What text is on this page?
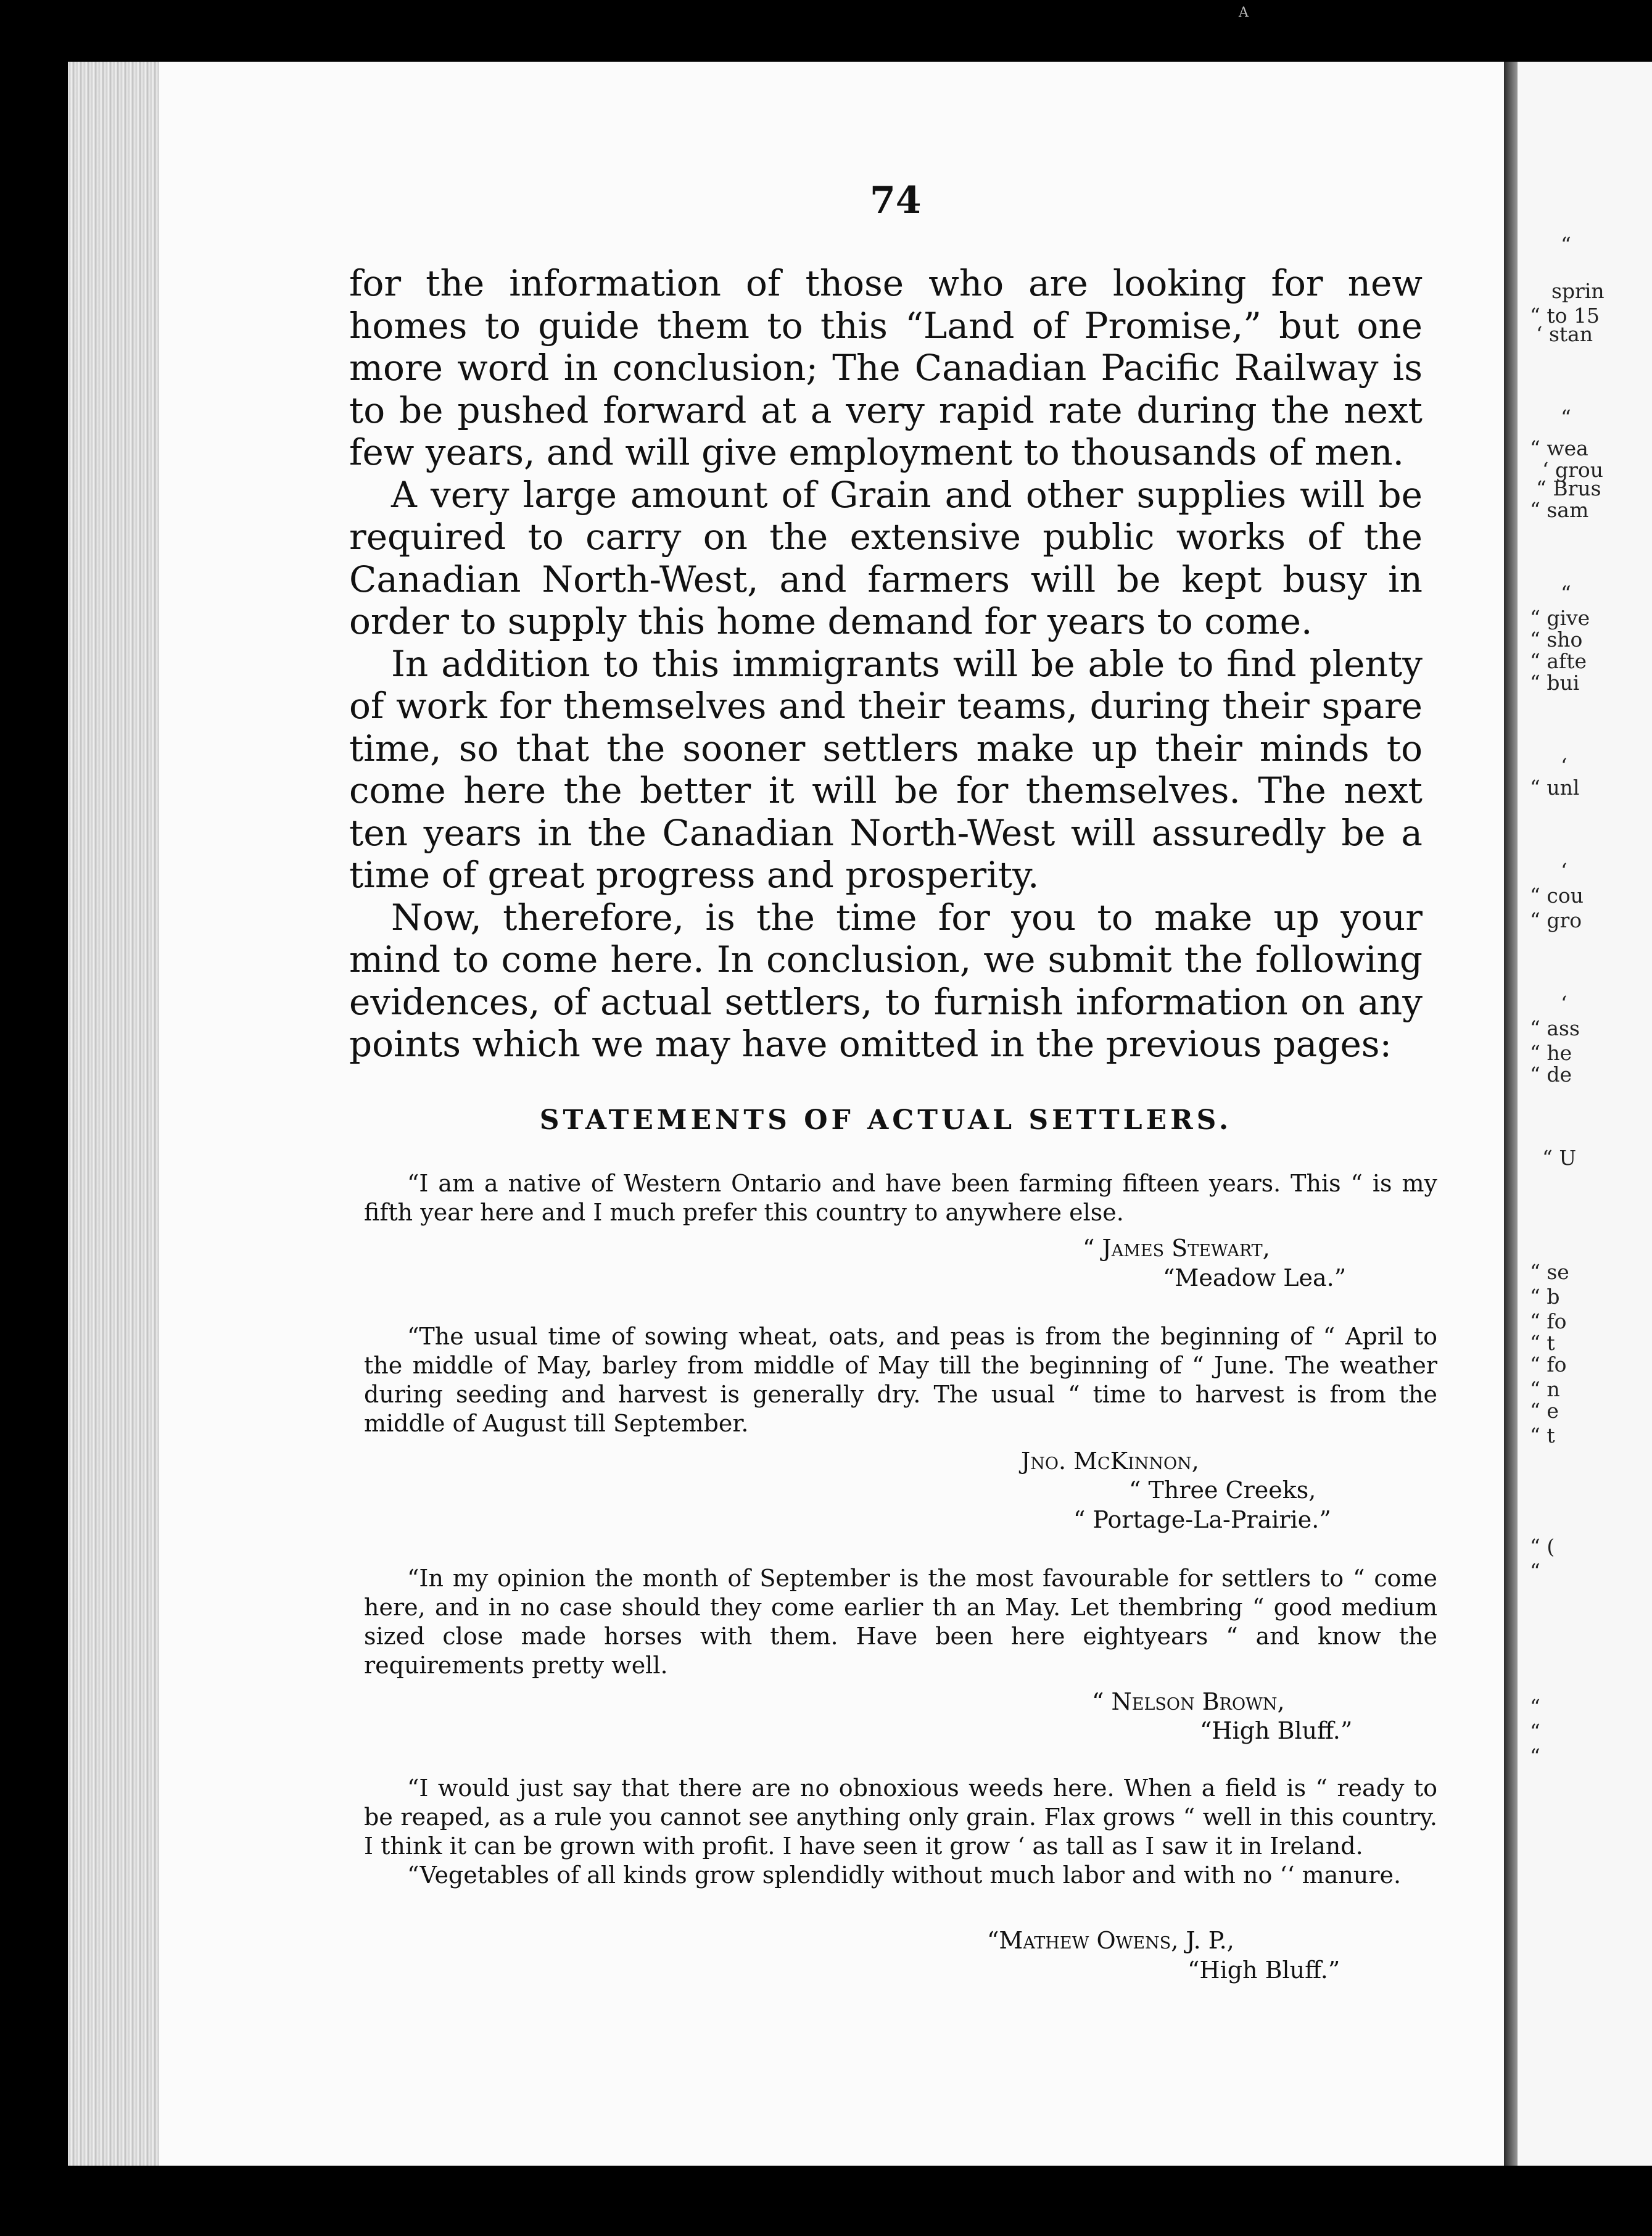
A
74

for the information of those who are looking for new homes to guide them to this “Land of Promise,” but one more word in conclusion; The Canadian Pacific Railway is to be pushed forward at a very rapid rate during the next few years, and will give employment to thousands of men.

A very large amount of Grain and other supplies will be required to carry on the extensive public works of the Canadian North-West, and farmers will be kept busy in order to supply this home demand for years to come.

In addition to this immigrants will be able to find plenty of work for themselves and their teams, during their spare time, so that the sooner settlers make up their minds to come here the better it will be for themselves. The next ten years in the Canadian North-West will assuredly be a time of great progress and prosperity.

Now, therefore, is the time for you to make up your mind to come here. In conclusion, we submit the following evidences, of actual settlers, to furnish information on any points which we may have omitted in the previous pages:

STATEMENTS OF ACTUAL SETTLERS.

“I am a native of Western Ontario and have been farming fifteen years. This “ is my fifth year here and I much prefer this country to anywhere else.

“ James Stewart,
“Meadow Lea.”

“The usual time of sowing wheat, oats, and peas is from the beginning of “ April to the middle of May, barley from middle of May till the beginning of “ June. The weather during seeding and harvest is generally dry. The usual “ time to harvest is from the middle of August till September.

Jno. McKinnon,
“ Three Creeks,
“ Portage-La-Prairie.”

“In my opinion the month of September is the most favourable for settlers to “ come here, and in no case should they come earlier th an May. Let thembring “ good medium sized close made horses with them. Have been here eightyears “ and know the requirements pretty well.

“ Nelson Brown,
“High Bluff.”

“I would just say that there are no obnoxious weeds here. When a field is “ ready to be reaped, as a rule you cannot see anything only grain. Flax grows “ well in this country. I think it can be grown with profit. I have seen it grow ‘ as tall as I saw it in Ireland.

“Vegetables of all kinds grow splendidly without much labor and with no ‘‘ manure.

“Mathew Owens, J. P.,
“High Bluff.”
“
sprin
“ to 15
‘ stan
“
“ wea
‘ grou
“ Brus
“ sam
“
“ give
“ sho
“ afte
“ bui
‘
“ unl
‘
“ cou
“ gro
‘
“ ass
“ he
“ de
“ U
“ se
“ b
“ fo
“ t
“ fo
“ n
“ e
“ t
“ (
“
“
“
“
